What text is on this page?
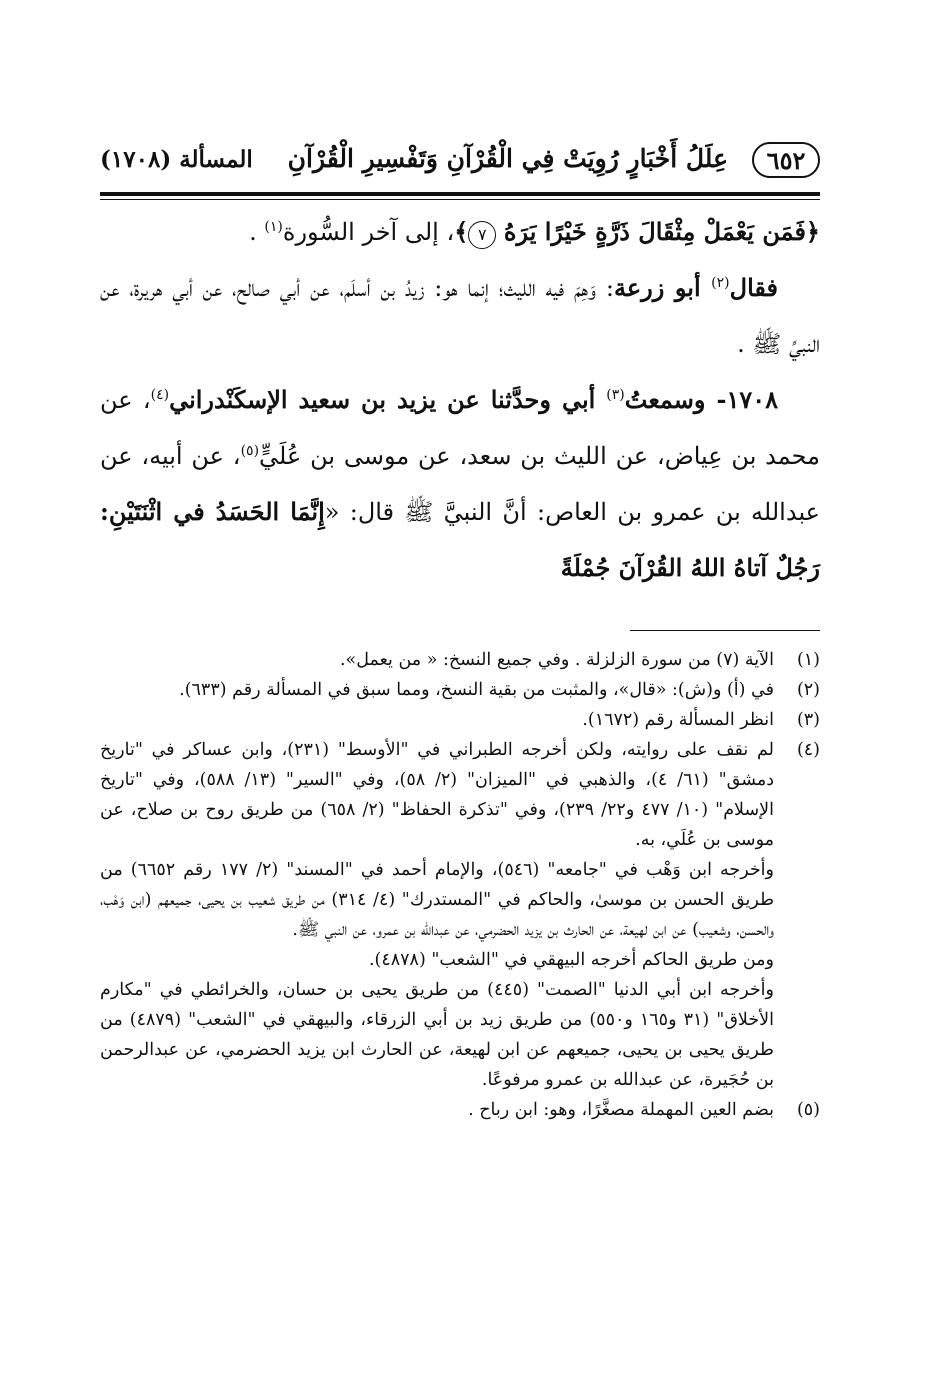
٦٥٢
عِلَلُ أَخْبَارٍ رُوِيَتْ فِي الْقُرْآنِ وَتَفْسِيرِ الْقُرْآنِ
المسألة (١٧٠٨)

﴿فَمَن يَعْمَلْ مِثْقَالَ ذَرَّةٍ خَيْرًا يَرَهُ ٧﴾، إلى آخر السُّورة$^{(١)}$ .

فقال$^{(٢)}$ أبو زرعة: وَهِمَ فيه الليث؛ إنما هو: زيدُ بن أسلَم، عن أبي صالح، عن أبي هريرة، عن النبيِّ ﷺ .

١٧٠٨- وسمعتُ$^{(٣)}$ أبي وحدَّثنا عن يزيد بن سعيد الإسكَنْدراني$^{(٤)}$، عن محمد بن عِياض، عن الليث بن سعد، عن موسى بن عُلَيٍّ$^{(٥)}$، عن أبيه، عن عبدالله بن عمرو بن العاص: أنَّ النبيَّ ﷺ قال: «إِنَّمَا الحَسَدُ في اثْنَتَيْنِ: رَجُلٌ آتاهُ اللهُ القُرْآنَ جُمْلَةً

(١)

الآية (٧) من سورة الزلزلة . وفي جميع النسخ: « من يعمل».

(٢)

في (أ) و(ش): «قال»، والمثبت من بقية النسخ، ومما سبق في المسألة رقم (٦٣٣).

(٣)

انظر المسألة رقم (١٦٧٢).

(٤)

لم نقف على روايته، ولكن أخرجه الطبراني في "الأوسط" (٢٣١)، وابن عساكر في "تاريخ دمشق" (٦١/ ٤)، والذهبي في "الميزان" (٢/ ٥٨)، وفي "السير" (١٣/ ٥٨٨)، وفي "تاريخ الإسلام" (١٠/ ٤٧٧ و٢٢/ ٢٣٩)، وفي "تذكرة الحفاظ" (٢/ ٦٥٨) من طريق روح بن صلاح، عن موسى بن عُلَي، به.

وأخرجه ابن وَهْب في "جامعه" (٥٤٦)، والإمام أحمد في "المسند" (٢/ ١٧٧ رقم ٦٦٥٢) من طريق الحسن بن موسىٰ، والحاكم في "المستدرك" (٤/ ٣١٤) من طريق شعيب بن يحيى، جميعهم (ابن وَهْب، والحسن، وشعيب) عن ابن لهيعة، عن الحارث بن يزيد الحضرمي، عن عبدالله بن عمرو، عن النبي ﷺ.

ومن طريق الحاكم أخرجه البيهقي في "الشعب" (٤٨٧٨).

وأخرجه ابن أبي الدنيا "الصمت" (٤٤٥) من طريق يحيى بن حسان، والخرائطي في "مكارم الأخلاق" (٣١ و١٦٥ و٥٥٠) من طريق زيد بن أبي الزرقاء، والبيهقي في "الشعب" (٤٨٧٩) من طريق يحيى بن يحيى، جميعهم عن ابن لهيعة، عن الحارث ابن يزيد الحضرمي، عن عبدالرحمن بن حُجَيرة، عن عبدالله بن عمرو مرفوعًا.

(٥)

بضم العين المهملة مصغَّرًا، وهو: ابن رباح .
